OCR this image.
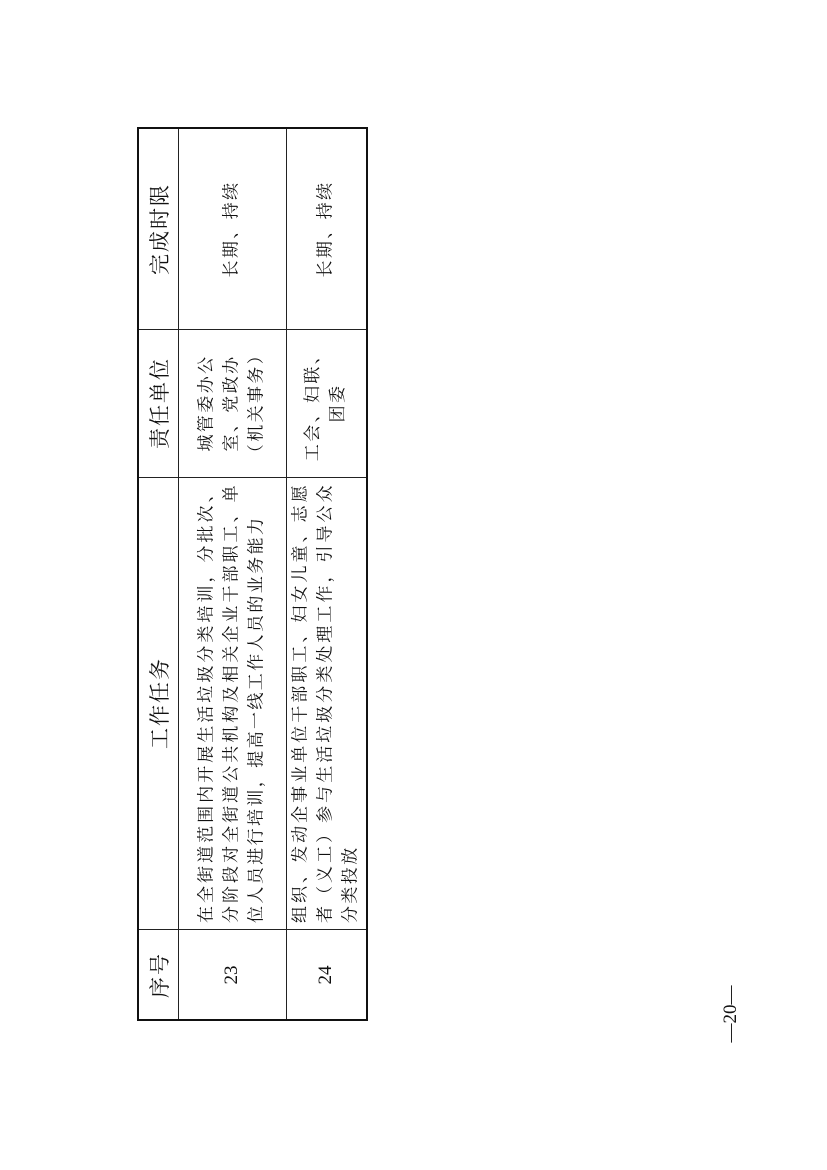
完成时限
责任单位
工作任务
序号
长期、持续
城管委办公室、党政办（机关事务）
在全街道范围内开展生活垃圾分类培训，分批次、分阶段对全街道公共机构及相关企业干部职工、单位人员进行培训，提高一线工作人员的业务能力
23
长期、持续
工会、妇联、团委
组织、发动企事业单位干部职工、妇女儿童、志愿者（义工）参与生活垃圾分类处理工作，引导公众分类投放
24
—20—
